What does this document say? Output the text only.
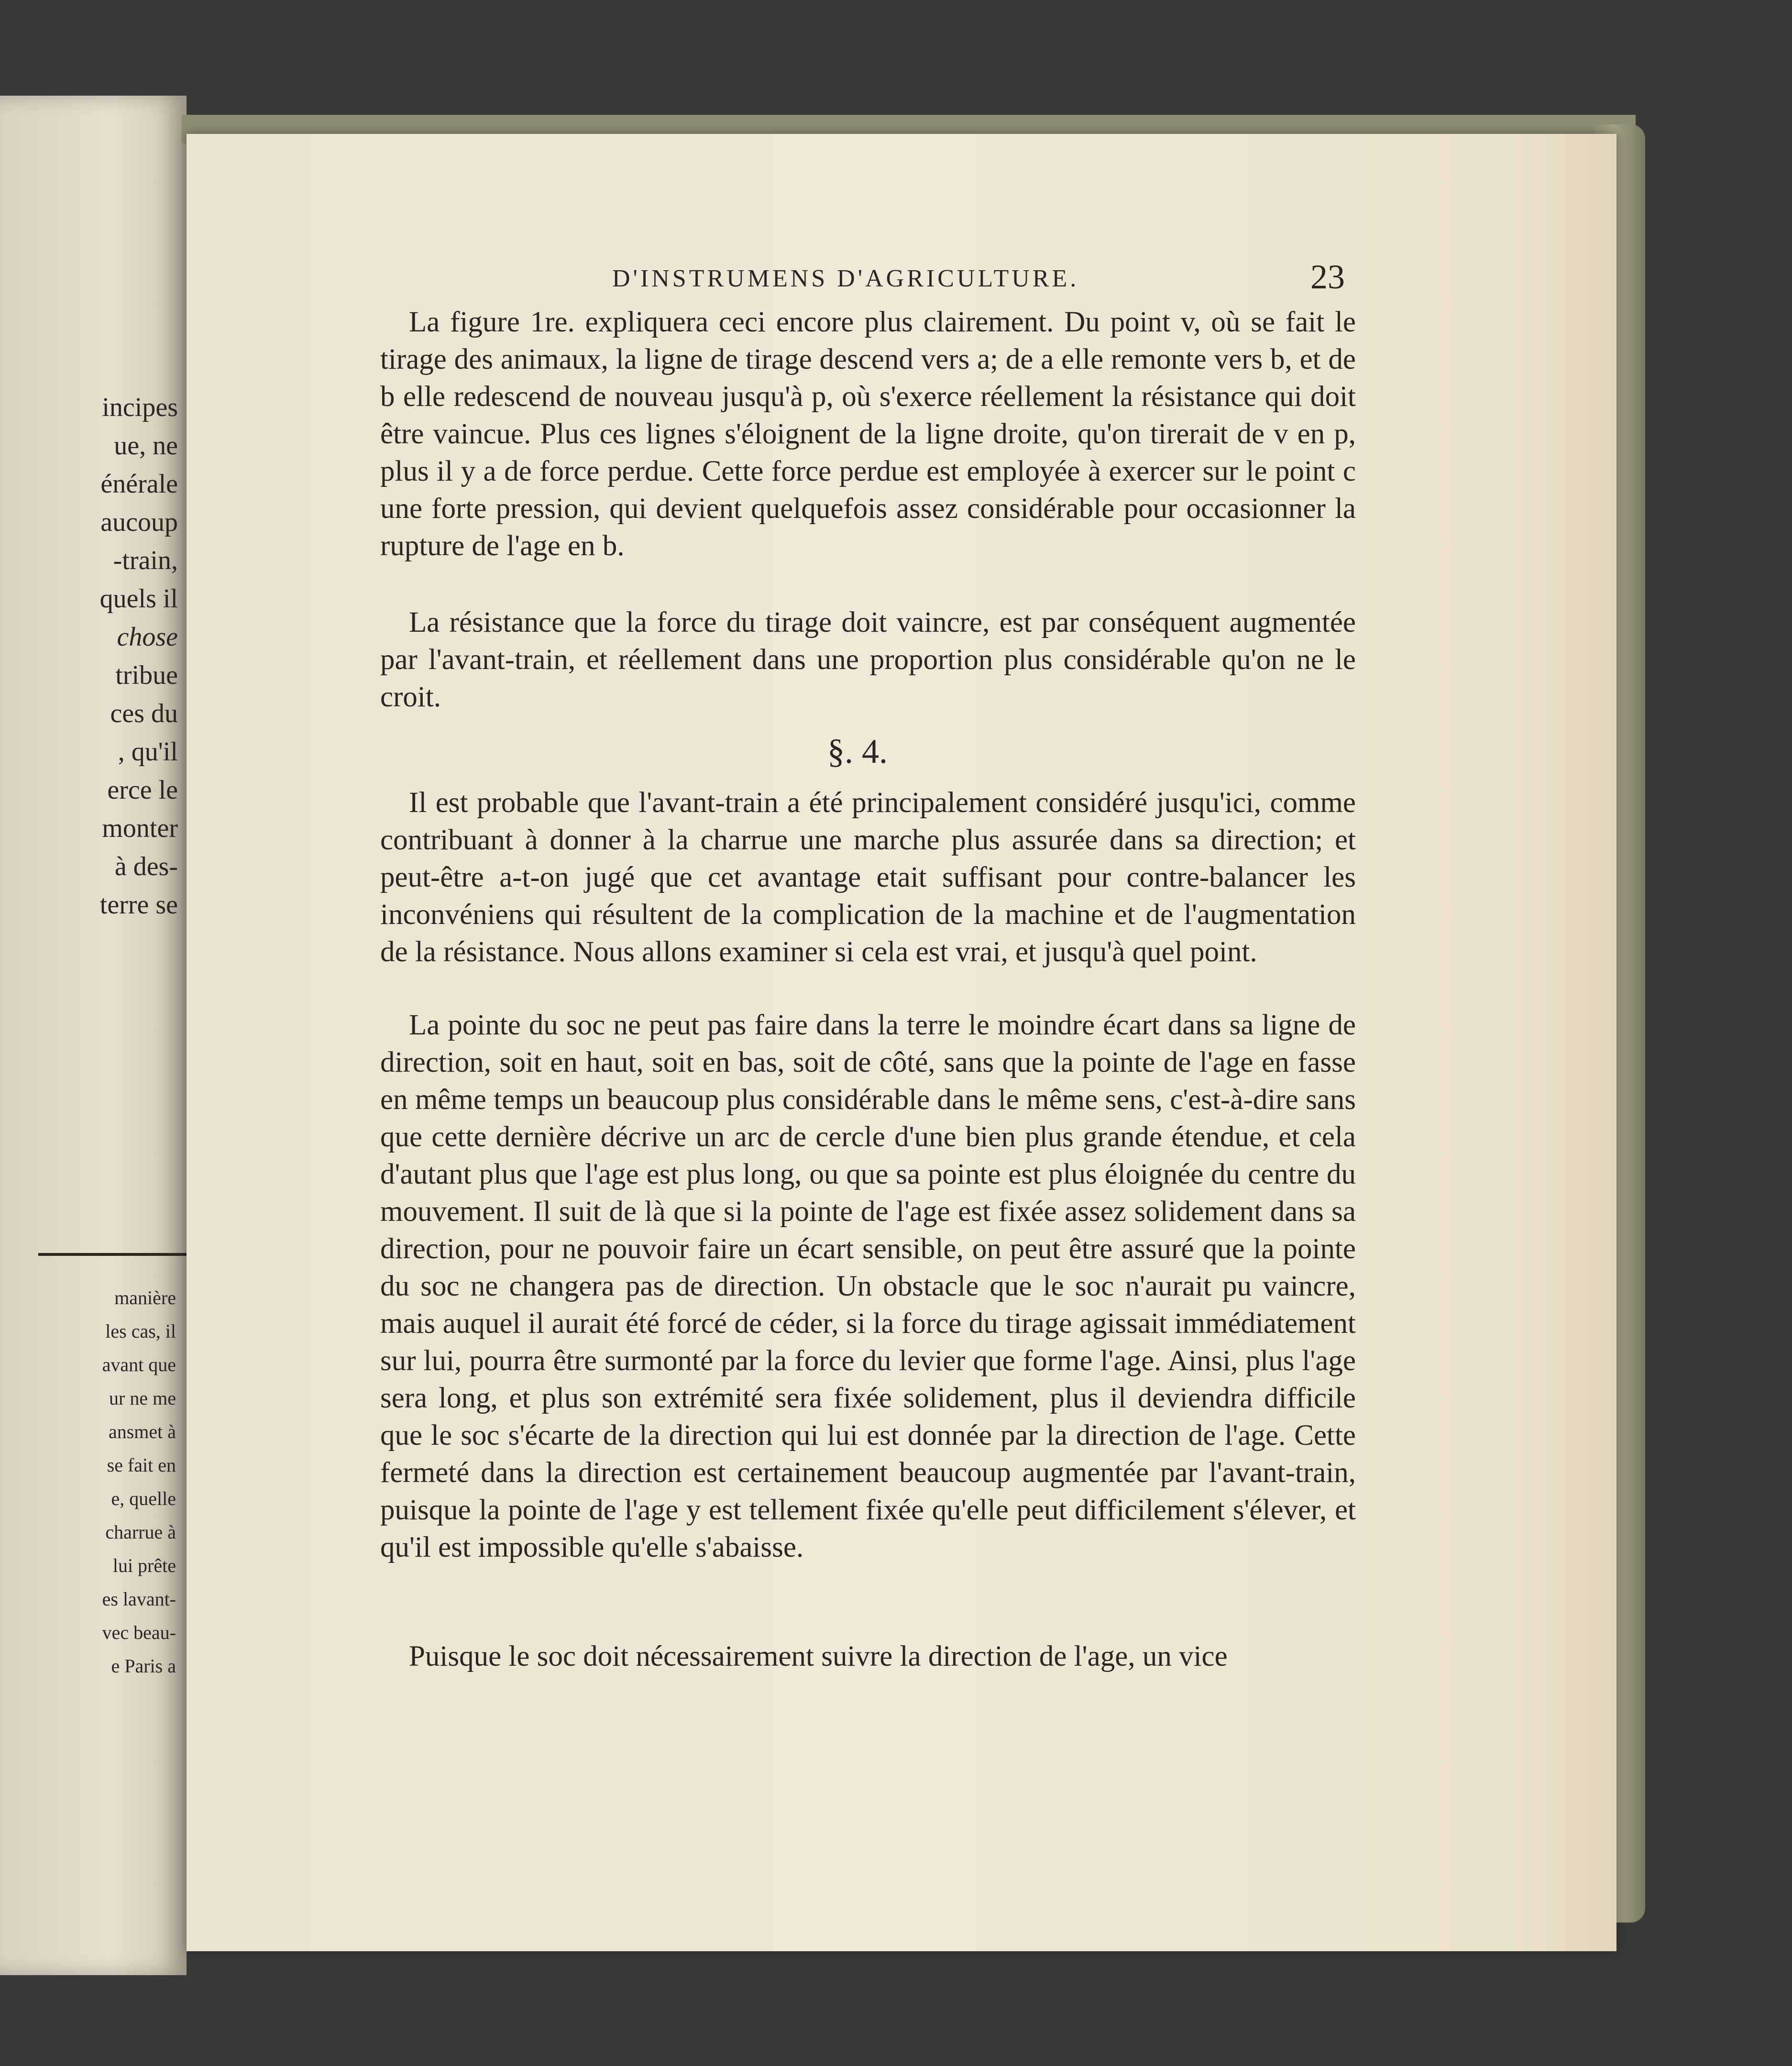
incipes
ue, ne
énérale
aucoup
-train,
quels il
chose
tribue
ces du
, qu'il
erce le
monter
à des-
terre se
manière
les cas, il
avant que
ur ne me
ansmet à
se fait en
e, quelle
charrue à
lui prête
es lavant-
vec beau-
e Paris a
D'INSTRUMENS D'AGRICULTURE.	23

La figure 1re. expliquera ceci encore plus clairement. Du point v, où se fait le tirage des animaux, la ligne de tirage descend vers a; de a elle remonte vers b, et de b elle redescend de nouveau jusqu'à p, où s'exerce réellement la résistance qui doit être vaincue. Plus ces lignes s'éloignent de la ligne droite, qu'on tirerait de v en p, plus il y a de force perdue. Cette force perdue est employée à exercer sur le point c une forte pression, qui devient quelquefois assez considérable pour occasionner la rupture de l'age en b.

La résistance que la force du tirage doit vaincre, est par conséquent augmentée par l'avant-train, et réellement dans une proportion plus considérable qu'on ne le croit.

§. 4.

Il est probable que l'avant-train a été principalement considéré jusqu'ici, comme contribuant à donner à la charrue une marche plus assurée dans sa direction; et peut-être a-t-on jugé que cet avantage etait suffisant pour contre-balancer les inconvéniens qui résultent de la complication de la machine et de l'augmentation de la résistance. Nous allons examiner si cela est vrai, et jusqu'à quel point.

La pointe du soc ne peut pas faire dans la terre le moindre écart dans sa ligne de direction, soit en haut, soit en bas, soit de côté, sans que la pointe de l'age en fasse en même temps un beaucoup plus considérable dans le même sens, c'est-à-dire sans que cette dernière décrive un arc de cercle d'une bien plus grande étendue, et cela d'autant plus que l'age est plus long, ou que sa pointe est plus éloignée du centre du mouvement. Il suit de là que si la pointe de l'age est fixée assez solidement dans sa direction, pour ne pouvoir faire un écart sensible, on peut être assuré que la pointe du soc ne changera pas de direction. Un obstacle que le soc n'aurait pu vaincre, mais auquel il aurait été forcé de céder, si la force du tirage agissait immédiatement sur lui, pourra être surmonté par la force du levier que forme l'age. Ainsi, plus l'age sera long, et plus son extrémité sera fixée solidement, plus il deviendra difficile que le soc s'écarte de la direction qui lui est donnée par la direction de l'age. Cette fermeté dans la direction est certainement beaucoup augmentée par l'avant-train, puisque la pointe de l'age y est tellement fixée qu'elle peut difficilement s'élever, et qu'il est impossible qu'elle s'abaisse.

Puisque le soc doit nécessairement suivre la direction de l'age, un vice
